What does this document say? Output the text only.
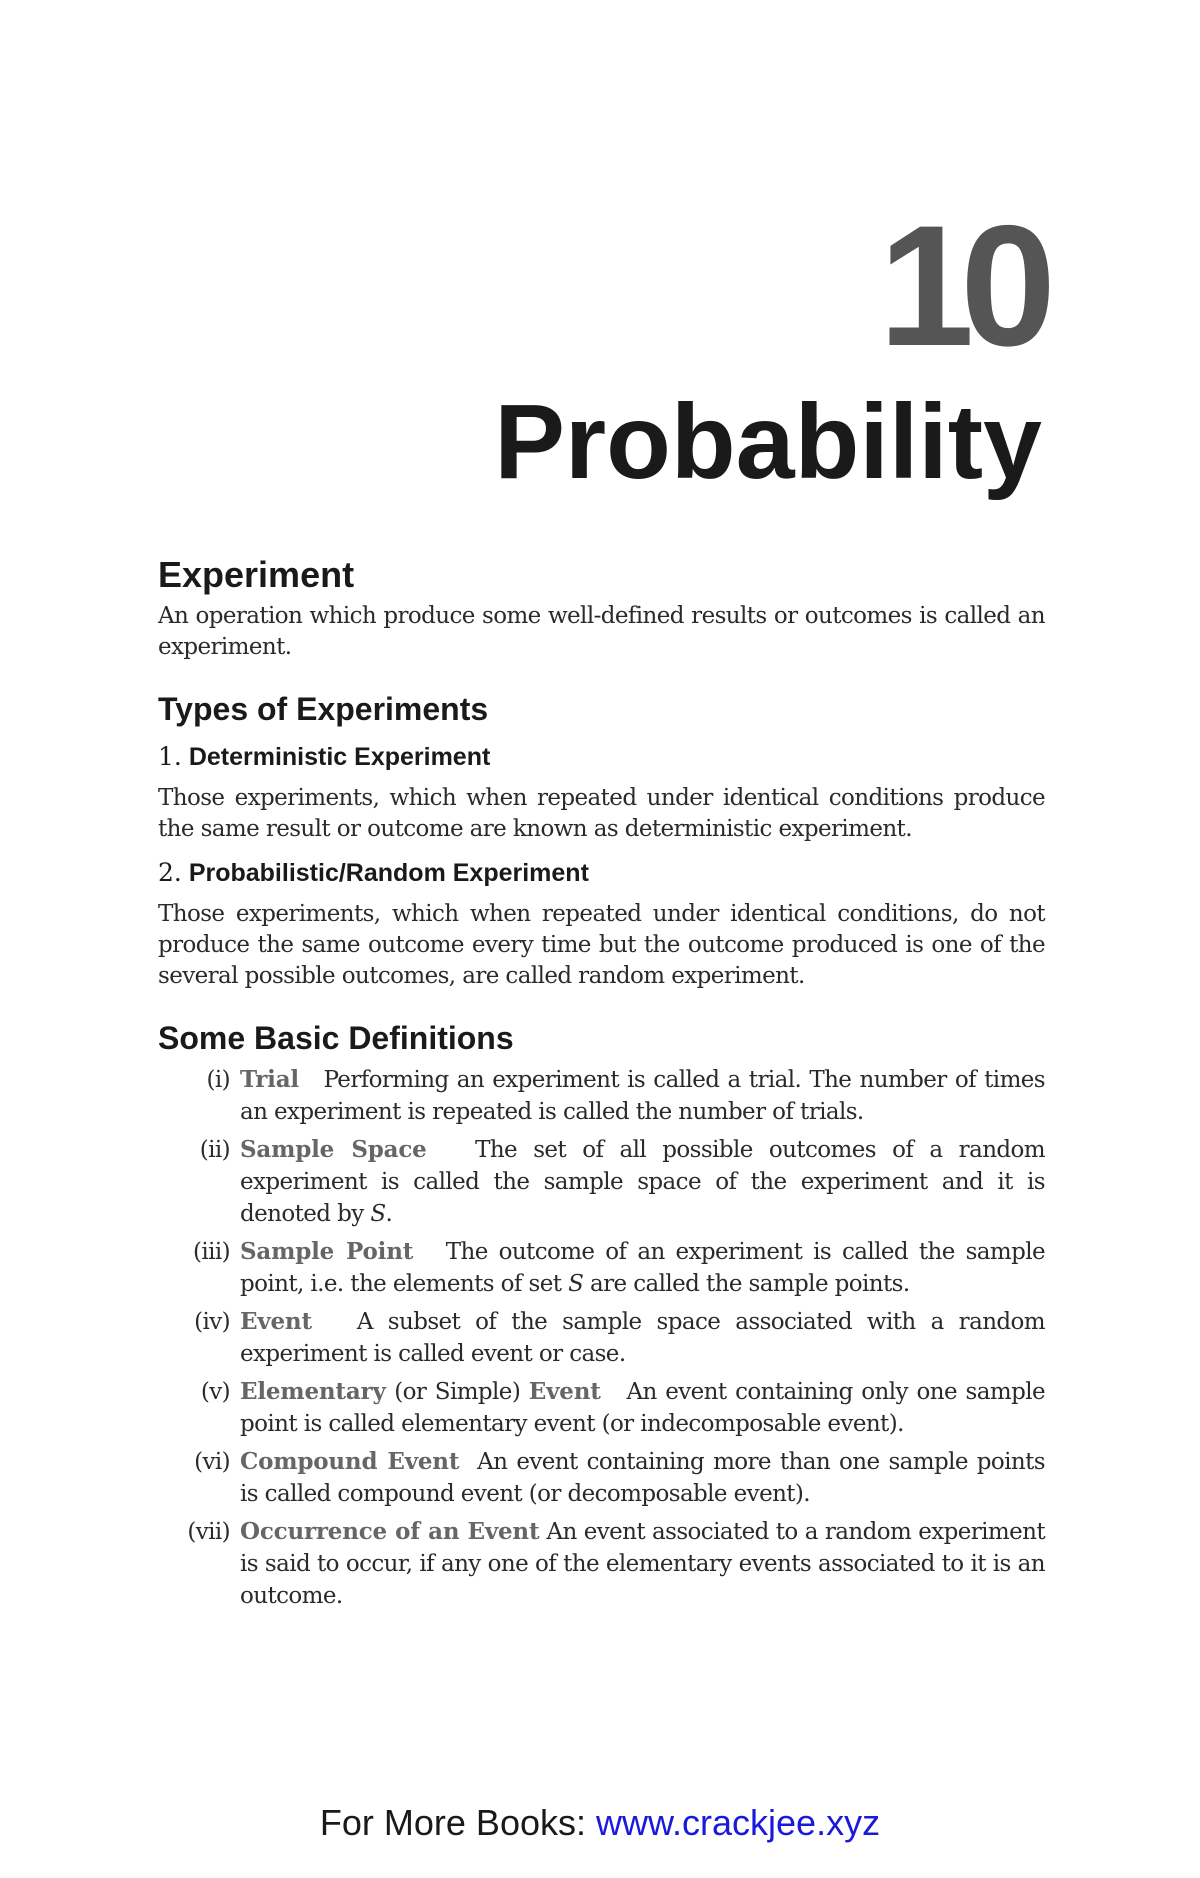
10
Probability
Experiment

An operation which produce some well-defined results or outcomes is called an experiment.

Types of Experiments
1. Deterministic Experiment

Those experiments, which when repeated under identical conditions produce the same result or outcome are known as deterministic experiment.

2. Probabilistic/Random Experiment

Those experiments, which when repeated under identical conditions, do not produce the same outcome every time but the outcome produced is one of the several possible outcomes, are called random experiment.

Some Basic Definitions
(i) Trial Performing an experiment is called a trial. The number of times an experiment is repeated is called the number of trials.
(ii) Sample Space The set of all possible outcomes of a random experiment is called the sample space of the experiment and it is denoted by S.
(iii) Sample Point The outcome of an experiment is called the sample point, i.e. the elements of set S are called the sample points.
(iv) Event A subset of the sample space associated with a random experiment is called event or case.
(v) Elementary (or Simple) Event An event containing only one sample point is called elementary event (or indecomposable event).
(vi) Compound Event An event containing more than one sample points is called compound event (or decomposable event).
(vii) Occurrence of an Event An event associated to a random experiment is said to occur, if any one of the elementary events associated to it is an outcome.
For More Books: www.crackjee.xyz
